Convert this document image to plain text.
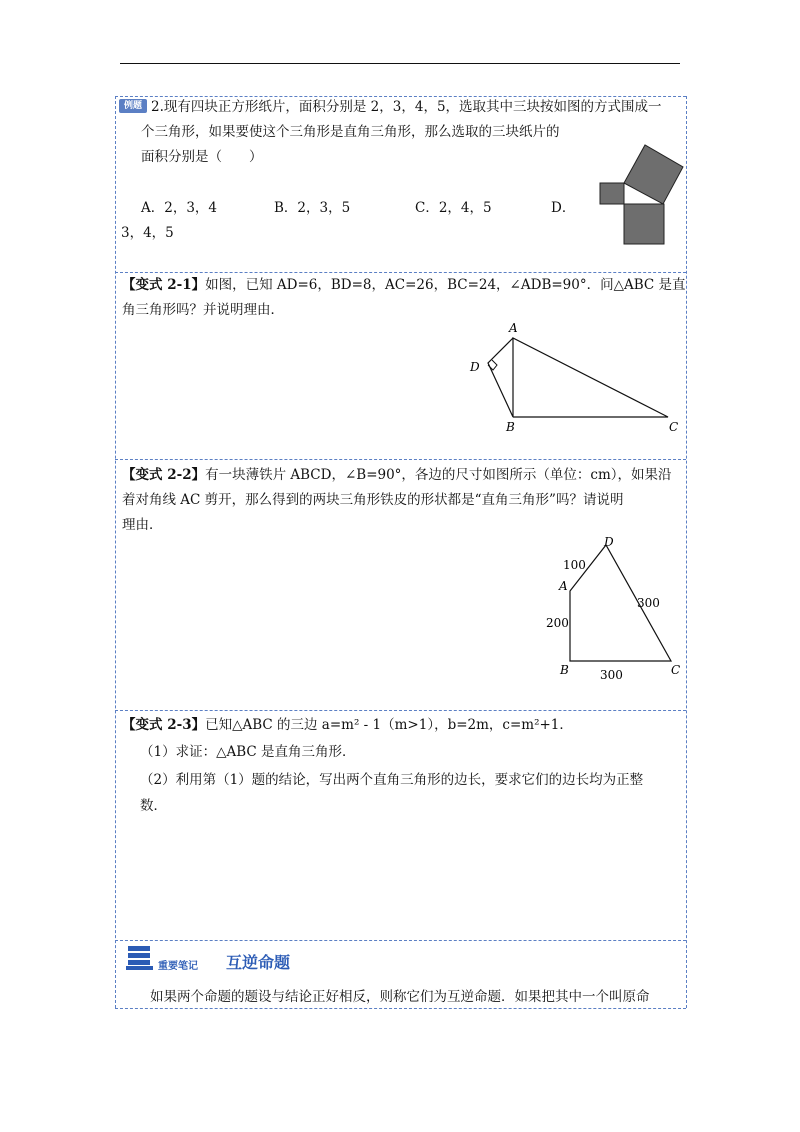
例题 2.现有四块正方形纸片，面积分别是 2，3，4，5，选取其中三块按如图的方式围成一
个三角形，如果要使这个三角形是直角三角形，那么选取的三块纸片的
面积分别是（　　）
A．2，3，4	B．2，3，5	C．2，4，5	D．
3，4，5
【变式 2-1】如图，已知 AD=6，BD=8，AC=26，BC=24，∠ADB=90°．问△ABC 是直
角三角形吗？并说明理由．
A
D
B	C
【变式 2-2】有一块薄铁片 ABCD，∠B=90°，各边的尺寸如图所示（单位：cm），如果沿
着对角线 AC 剪开，那么得到的两块三角形铁皮的形状都是“直角三角形”吗？请说明
理由．
D
A
B	C
100
300
200
300
【变式 2-3】已知△ABC 的三边 a=m² - 1（m>1），b=2m，c=m²+1．
（1）求证：△ABC 是直角三角形．
（2）利用第（1）题的结论，写出两个直角三角形的边长，要求它们的边长均为正整
数．
重要笔记 互逆命题
如果两个命题的题设与结论正好相反，则称它们为互逆命题．如果把其中一个叫原命
